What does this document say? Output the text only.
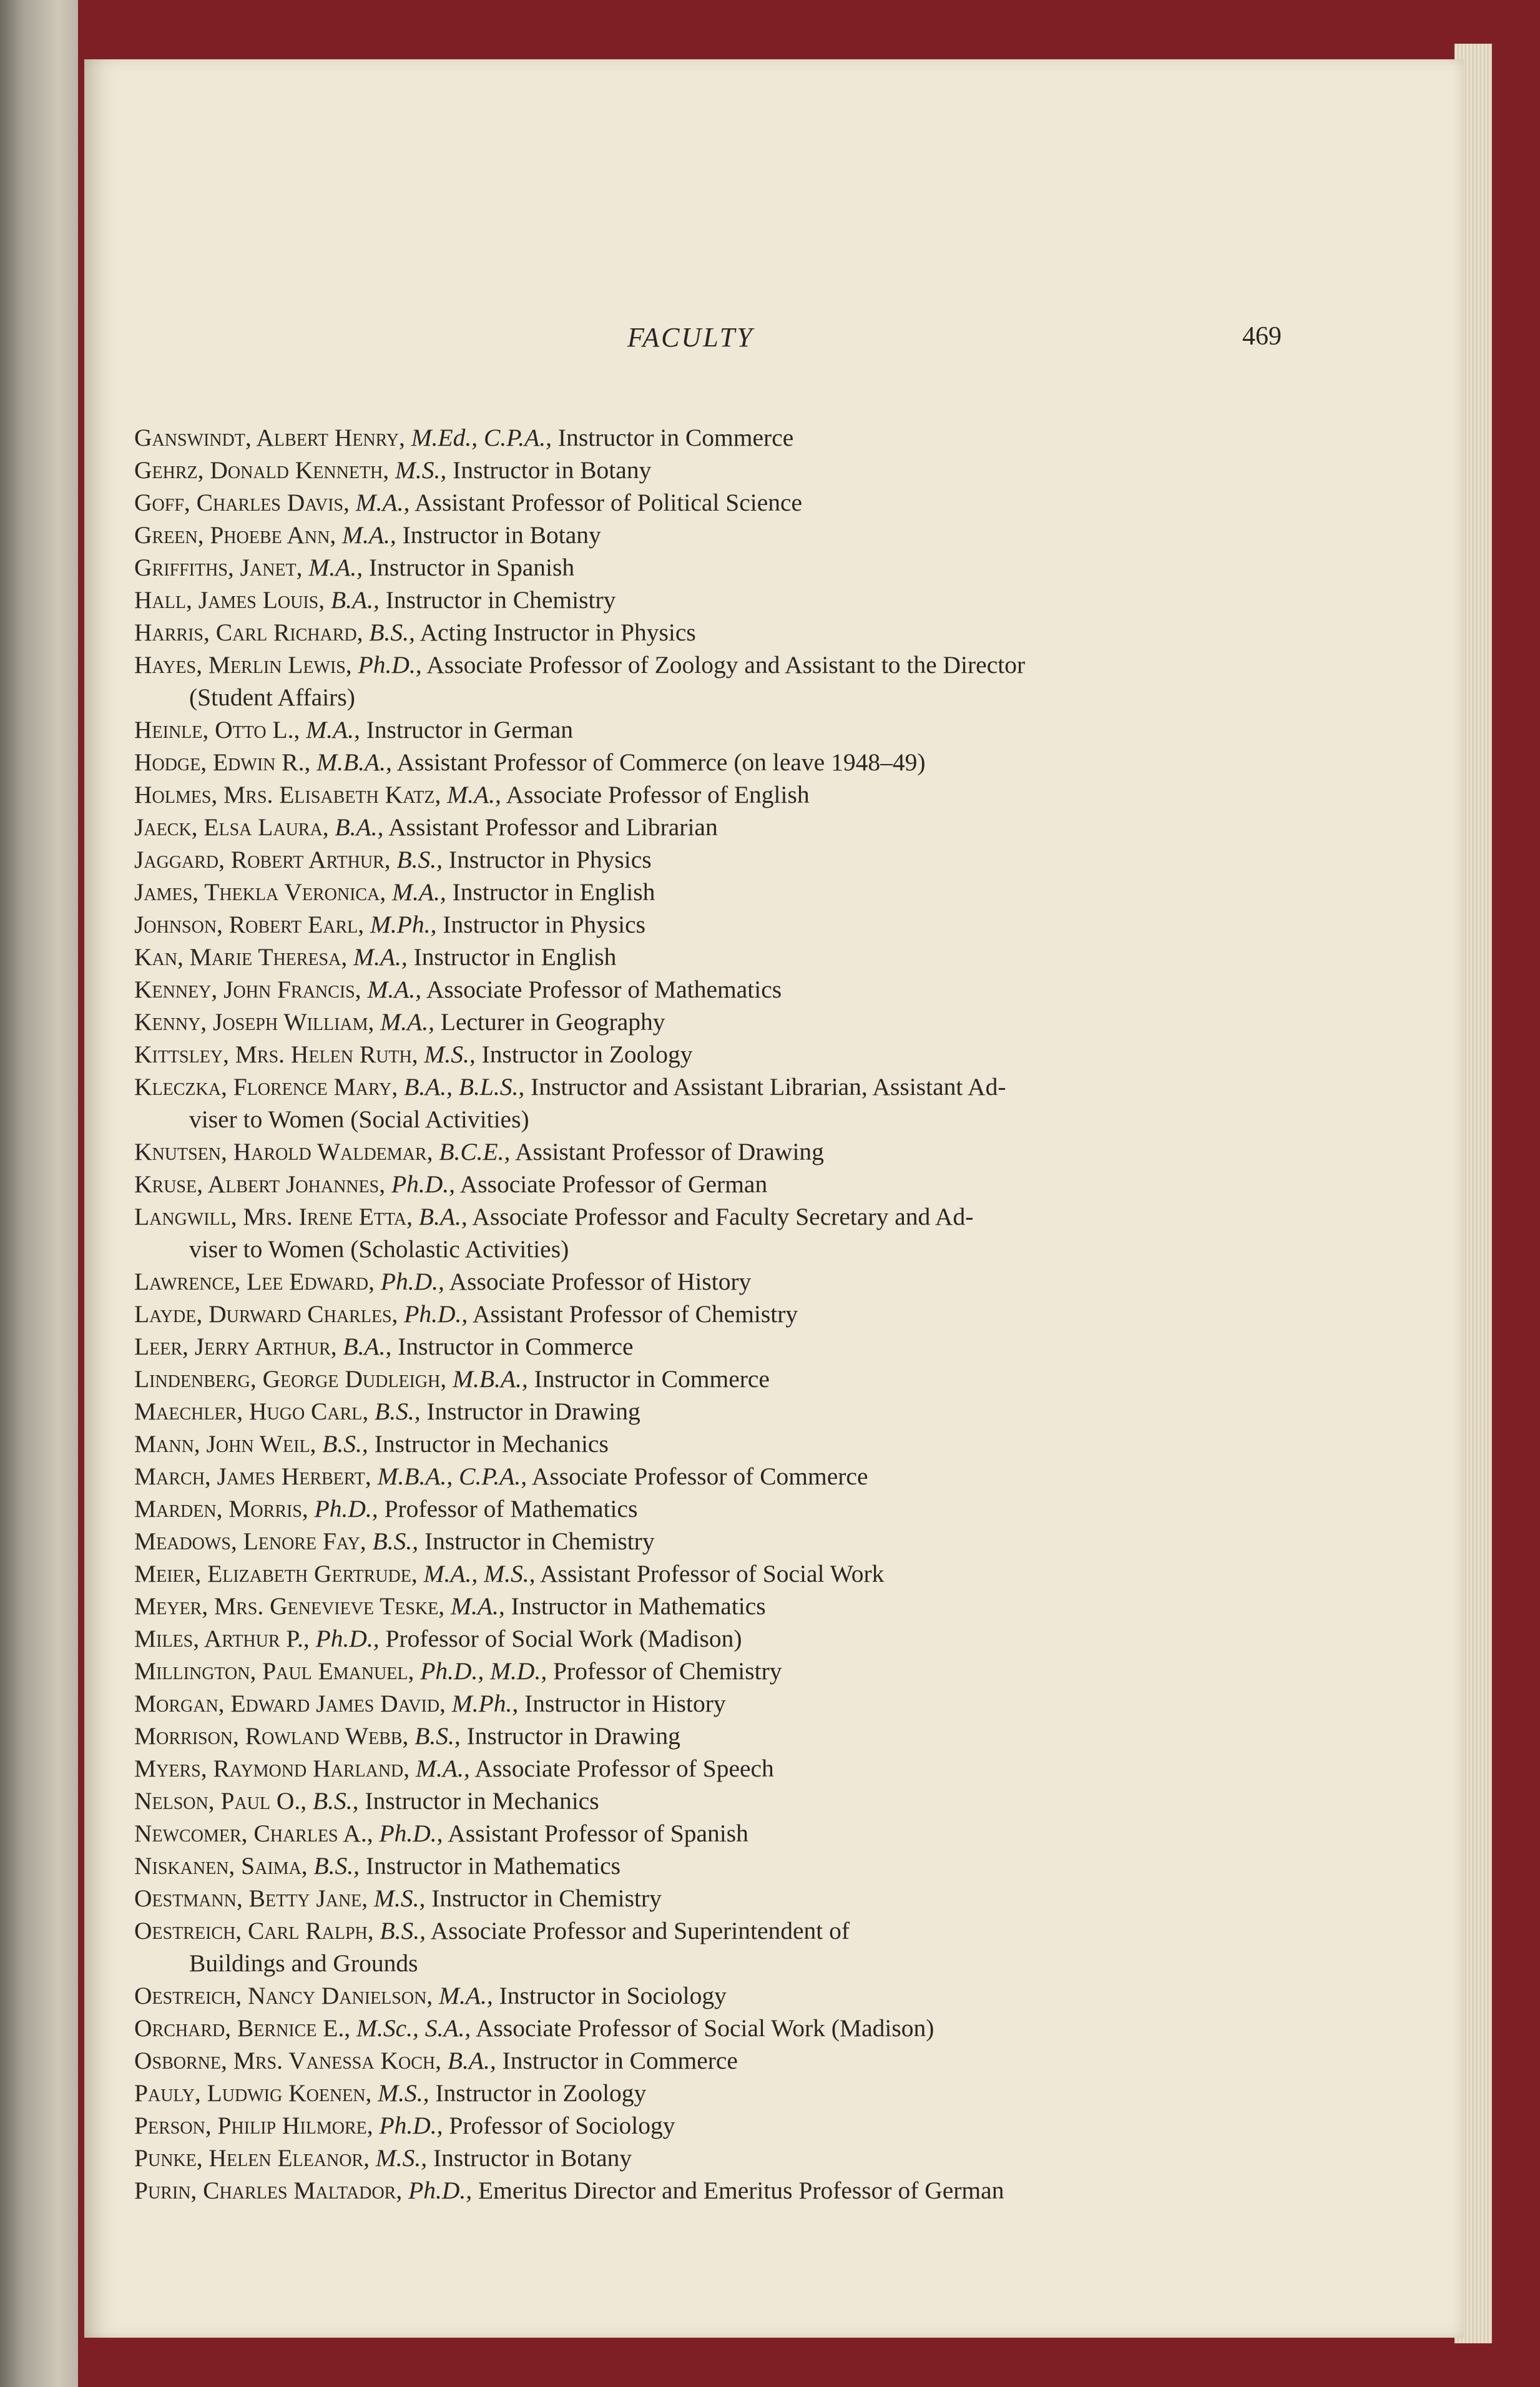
FACULTY	469
Ganswindt, Albert Henry, M.Ed., C.P.A., Instructor in Commerce
Gehrz, Donald Kenneth, M.S., Instructor in Botany
Goff, Charles Davis, M.A., Assistant Professor of Political Science
Green, Phoebe Ann, M.A., Instructor in Botany
Griffiths, Janet, M.A., Instructor in Spanish
Hall, James Louis, B.A., Instructor in Chemistry
Harris, Carl Richard, B.S., Acting Instructor in Physics
Hayes, Merlin Lewis, Ph.D., Associate Professor of Zoology and Assistant to the Director
(Student Affairs)
Heinle, Otto L., M.A., Instructor in German
Hodge, Edwin R., M.B.A., Assistant Professor of Commerce (on leave 1948–49)
Holmes, Mrs. Elisabeth Katz, M.A., Associate Professor of English
Jaeck, Elsa Laura, B.A., Assistant Professor and Librarian
Jaggard, Robert Arthur, B.S., Instructor in Physics
James, Thekla Veronica, M.A., Instructor in English
Johnson, Robert Earl, M.Ph., Instructor in Physics
Kan, Marie Theresa, M.A., Instructor in English
Kenney, John Francis, M.A., Associate Professor of Mathematics
Kenny, Joseph William, M.A., Lecturer in Geography
Kittsley, Mrs. Helen Ruth, M.S., Instructor in Zoology
Kleczka, Florence Mary, B.A., B.L.S., Instructor and Assistant Librarian, Assistant Ad-
viser to Women (Social Activities)
Knutsen, Harold Waldemar, B.C.E., Assistant Professor of Drawing
Kruse, Albert Johannes, Ph.D., Associate Professor of German
Langwill, Mrs. Irene Etta, B.A., Associate Professor and Faculty Secretary and Ad-
viser to Women (Scholastic Activities)
Lawrence, Lee Edward, Ph.D., Associate Professor of History
Layde, Durward Charles, Ph.D., Assistant Professor of Chemistry
Leer, Jerry Arthur, B.A., Instructor in Commerce
Lindenberg, George Dudleigh, M.B.A., Instructor in Commerce
Maechler, Hugo Carl, B.S., Instructor in Drawing
Mann, John Weil, B.S., Instructor in Mechanics
March, James Herbert, M.B.A., C.P.A., Associate Professor of Commerce
Marden, Morris, Ph.D., Professor of Mathematics
Meadows, Lenore Fay, B.S., Instructor in Chemistry
Meier, Elizabeth Gertrude, M.A., M.S., Assistant Professor of Social Work
Meyer, Mrs. Genevieve Teske, M.A., Instructor in Mathematics
Miles, Arthur P., Ph.D., Professor of Social Work (Madison)
Millington, Paul Emanuel, Ph.D., M.D., Professor of Chemistry
Morgan, Edward James David, M.Ph., Instructor in History
Morrison, Rowland Webb, B.S., Instructor in Drawing
Myers, Raymond Harland, M.A., Associate Professor of Speech
Nelson, Paul O., B.S., Instructor in Mechanics
Newcomer, Charles A., Ph.D., Assistant Professor of Spanish
Niskanen, Saima, B.S., Instructor in Mathematics
Oestmann, Betty Jane, M.S., Instructor in Chemistry
Oestreich, Carl Ralph, B.S., Associate Professor and Superintendent of
Buildings and Grounds
Oestreich, Nancy Danielson, M.A., Instructor in Sociology
Orchard, Bernice E., M.Sc., S.A., Associate Professor of Social Work (Madison)
Osborne, Mrs. Vanessa Koch, B.A., Instructor in Commerce
Pauly, Ludwig Koenen, M.S., Instructor in Zoology
Person, Philip Hilmore, Ph.D., Professor of Sociology
Punke, Helen Eleanor, M.S., Instructor in Botany
Purin, Charles Maltador, Ph.D., Emeritus Director and Emeritus Professor of German
